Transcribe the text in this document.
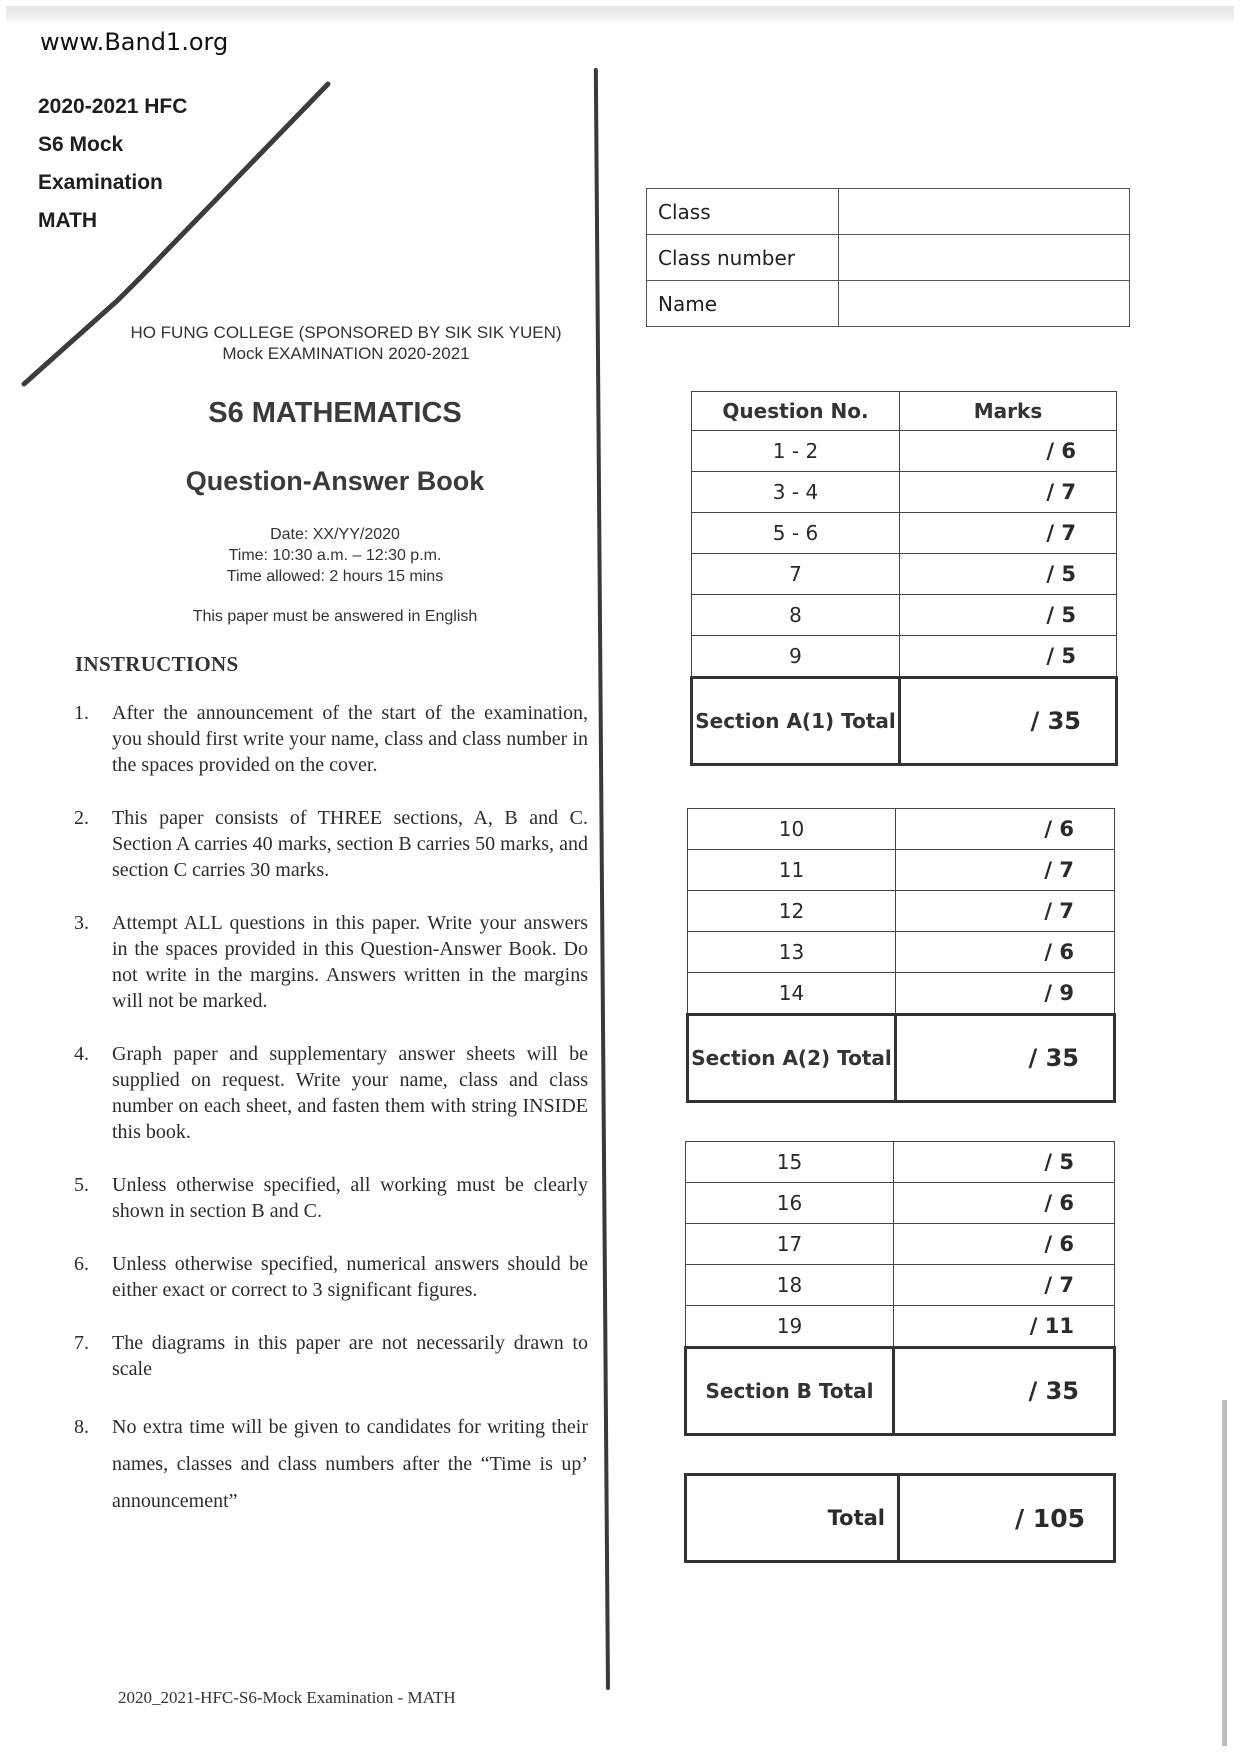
www.Band1.org
2020-2021 HFC
S6 Mock
Examination
MATH
HO FUNG COLLEGE (SPONSORED BY SIK SIK YUEN)
Mock EXAMINATION 2020-2021
S6 MATHEMATICS
Question-Answer Book
Date: XX/YY/2020
Time: 10:30 a.m. – 12:30 p.m.
Time allowed: 2 hours 15 mins
This paper must be answered in English
INSTRUCTIONS
1. After the announcement of the start of the examination, you should first write your name, class and class number in the spaces provided on the cover.
2. This paper consists of THREE sections, A, B and C. Section A carries 40 marks, section B carries 50 marks, and section C carries 30 marks.
3. Attempt ALL questions in this paper. Write your answers in the spaces provided in this Question-Answer Book. Do not write in the margins. Answers written in the margins will not be marked.
4. Graph paper and supplementary answer sheets will be supplied on request. Write your name, class and class number on each sheet, and fasten them with string INSIDE this book.
5. Unless otherwise specified, all working must be clearly shown in section B and C.
6. Unless otherwise specified, numerical answers should be either exact or correct to 3 significant figures.
7. The diagrams in this paper are not necessarily drawn to scale
8. No extra time will be given to candidates for writing their names, classes and class numbers after the “Time is up’ announcement”
2020_2021-HFC-S6-Mock Examination - MATH
Class	
Class number	
Name	
Question No.	Marks
1 - 2	/ 6
3 - 4	/ 7
5 - 6	/ 7
7	/ 5
8	/ 5
9	/ 5
Section A(1) Total	/ 35
10	/ 6
11	/ 7
12	/ 7
13	/ 6
14	/ 9
Section A(2) Total	/ 35
15	/ 5
16	/ 6
17	/ 6
18	/ 7
19	/ 11
Section B Total	/ 35
Total	/ 105
